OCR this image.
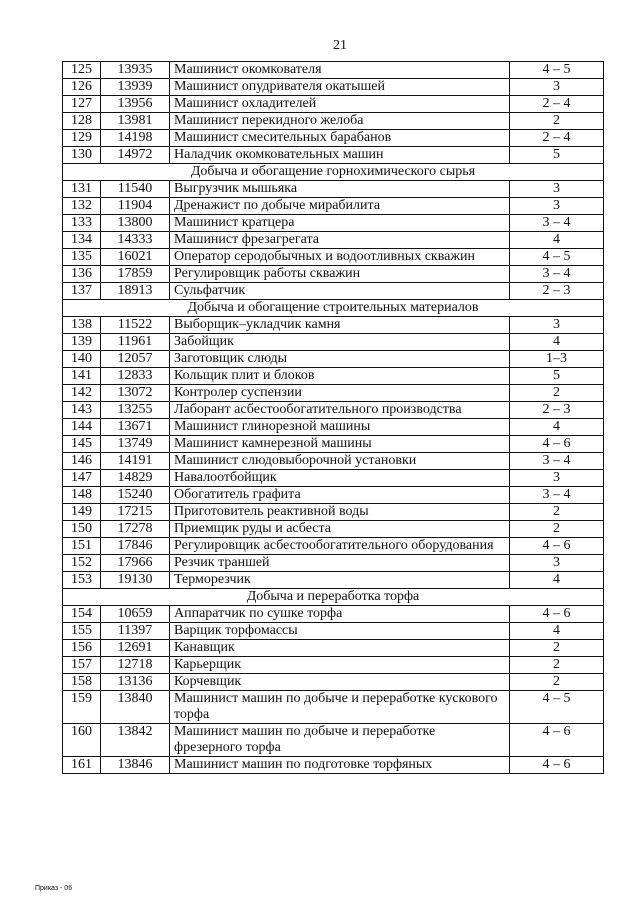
21
125	13935	Машинист окомкователя	4 – 5
126	13939	Машинист опудривателя окатышей	3
127	13956	Машинист охладителей	2 – 4
128	13981	Машинист перекидного желоба	2
129	14198	Машинист смесительных барабанов	2 – 4
130	14972	Наладчик окомковательных машин	5
Добыча и обогащение горнохимического сырья			
131	11540	Выгрузчик мышьяка	3
132	11904	Дренажист по добыче мирабилита	3
133	13800	Машинист кратцера	3 – 4
134	14333	Машинист фрезагрегата	4
135	16021	Оператор серодобычных и водоотливных скважин	4 – 5
136	17859	Регулировщик работы скважин	3 – 4
137	18913	Сульфатчик	2 – 3
Добыча и обогащение строительных материалов			
138	11522	Выборщик–укладчик камня	3
139	11961	Забойщик	4
140	12057	Заготовщик слюды	1–3
141	12833	Кольщик плит и блоков	5
142	13072	Контролер суспензии	2
143	13255	Лаборант асбестообогатительного производства	2 – 3
144	13671	Машинист глинорезной машины	4
145	13749	Машинист камнерезной машины	4 – 6
146	14191	Машинист слюдовыборочной установки	3 – 4
147	14829	Навалоотбойщик	3
148	15240	Обогатитель графита	3 – 4
149	17215	Приготовитель реактивной воды	2
150	17278	Приемщик руды и асбеста	2
151	17846	Регулировщик асбестообогатительного оборудования	4 – 6
152	17966	Резчик траншей	3
153	19130	Терморезчик	4
Добыча и переработка торфа			
154	10659	Аппаратчик по сушке торфа	4 – 6
155	11397	Варщик торфомассы	4
156	12691	Канавщик	2
157	12718	Карьерщик	2
158	13136	Корчевщик	2
159	13840	Машинист машин по добыче и переработке кускового торфа	4 – 5
160	13842	Машинист машин по добыче и переработке фрезерного торфа	4 – 6
161	13846	Машинист машин по подготовке торфяных	4 – 6
Приказ - 06
